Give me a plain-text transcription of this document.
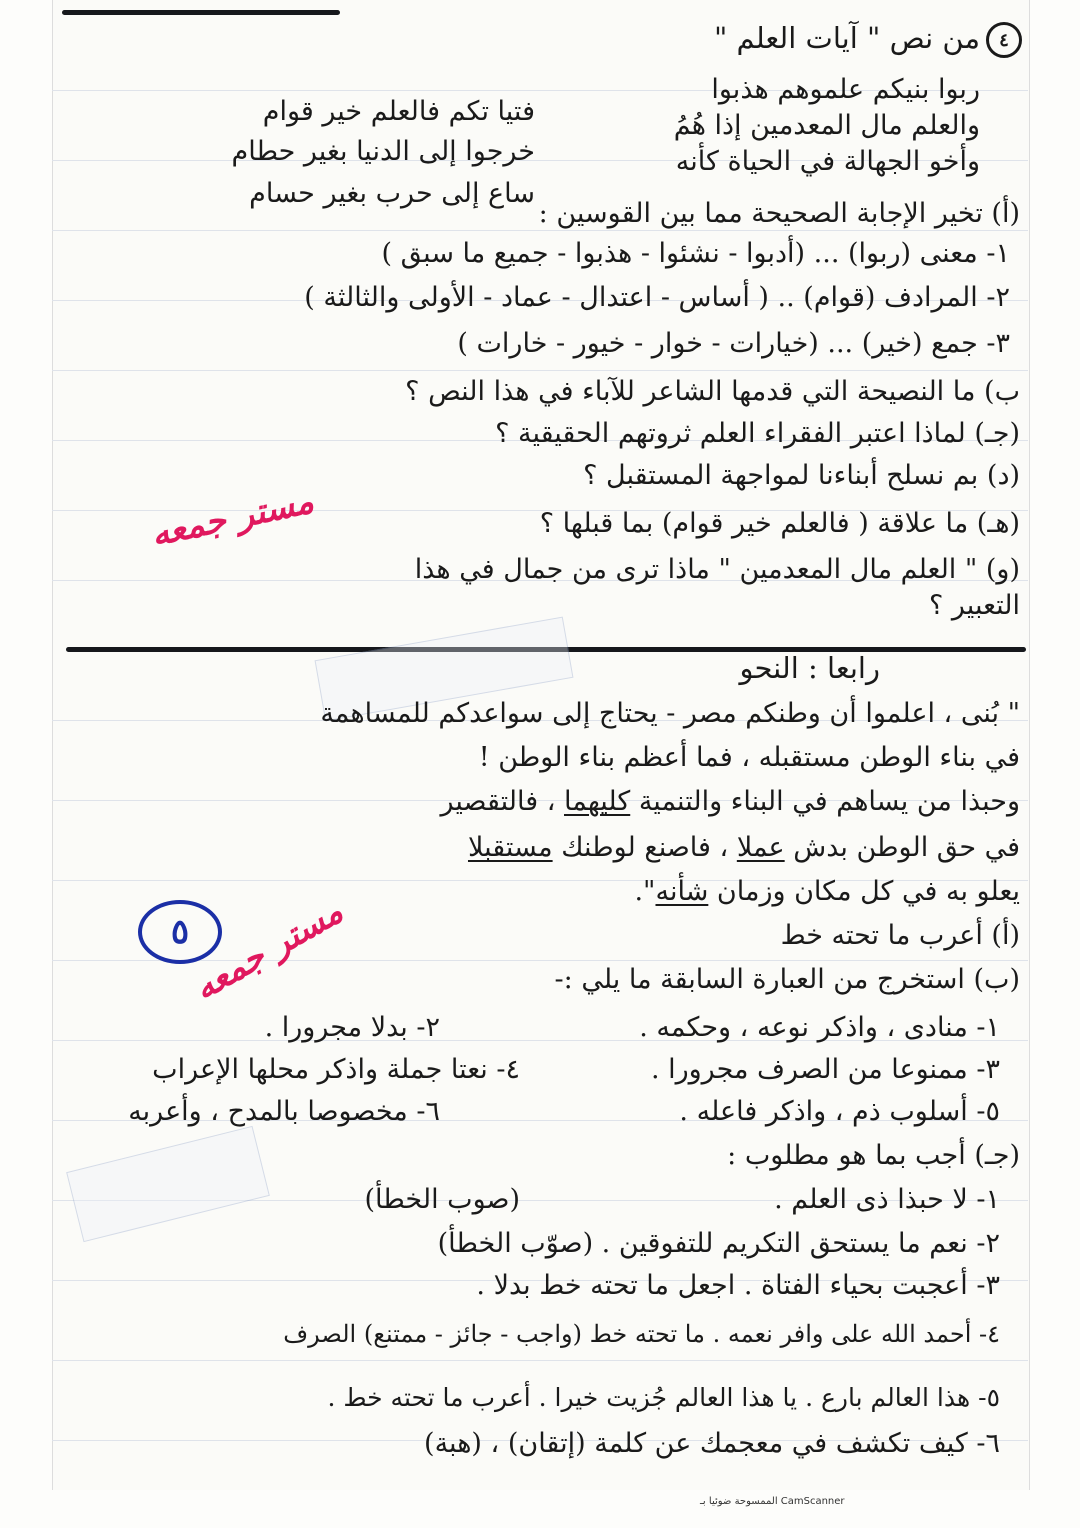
٤
من نص " آيات العلم "
ربوا بنيكم علموهم هذبوا
والعلم مال المعدمين إذا هُمُ
وأخو الجهالة في الحياة كأنه
فتيا تكم فالعلم خير قوام
خرجوا إلى الدنيا بغير حطام
ساع إلى حرب بغير حسام
(أ) تخير الإجابة الصحيحة مما بين القوسين :
١- معنى (ربوا) ... (أدبوا - نشئوا - هذبوا - جميع ما سبق )
٢- المرادف (قوام) .. ( أساس - اعتدال - عماد - الأولى والثالثة )
٣- جمع (خير) ... (خيارات - خوار - خيور - خارات )
ب) ما النصيحة التي قدمها الشاعر للآباء في هذا النص ؟
(جـ) لماذا اعتبر الفقراء العلم ثروتهم الحقيقية ؟
(د) بم نسلح أبناءنا لمواجهة المستقبل ؟
(هـ) ما علاقة ( فالعلم خير قوام) بما قبلها ؟
(و) " العلم مال المعدمين " ماذا ترى من جمال في هذا
التعبير ؟
مستر جمعه
رابعا : النحو
" بُنى ، اعلموا أن وطنكم مصر - يحتاج إلى سواعدكم للمساهمة
في بناء الوطن مستقبله ، فما أعظم بناء الوطن !
وحبذا من يساهم في البناء والتنمية كليهما ، فالتقصير
في حق الوطن بدش عملا ، فاصنع لوطنك مستقبلا
يعلو به في كل مكان وزمان شأنه".
٥
مستر جمعه	(أ) أعرب ما تحته خط
(ب) استخرج من العبارة السابقة ما يلي :-
١- منادى ، واذكر نوعه ، وحكمه .
٢- بدلا مجرورا .
٣- ممنوعا من الصرف مجرورا .
٤- نعتا جملة واذكر محلها الإعراب
٥- أسلوب ذم ، واذكر فاعله .
٦- مخصوصا بالمدح ، وأعربه
(جـ) أجب بما هو مطلوب :
١- لا حبذا ذى العلم .
(صوب الخطأ)
٢- نعم ما يستحق التكريم للتفوقين . (صوّب الخطأ)
٣- أعجبت بحياء الفتاة . اجعل ما تحته خط بدلا .
٤- أحمد الله على وافر نعمه . ما تحته خط (واجب - جائز - ممتنع) الصرف
٥- هذا العالم بارع . يا هذا العالم جُزيت خيرا . أعرب ما تحته خط .
٦- كيف تكشف في معجمك عن كلمة (إتقان) ، (هبة)
الممسوحة ضوئيا بـ CamScanner
